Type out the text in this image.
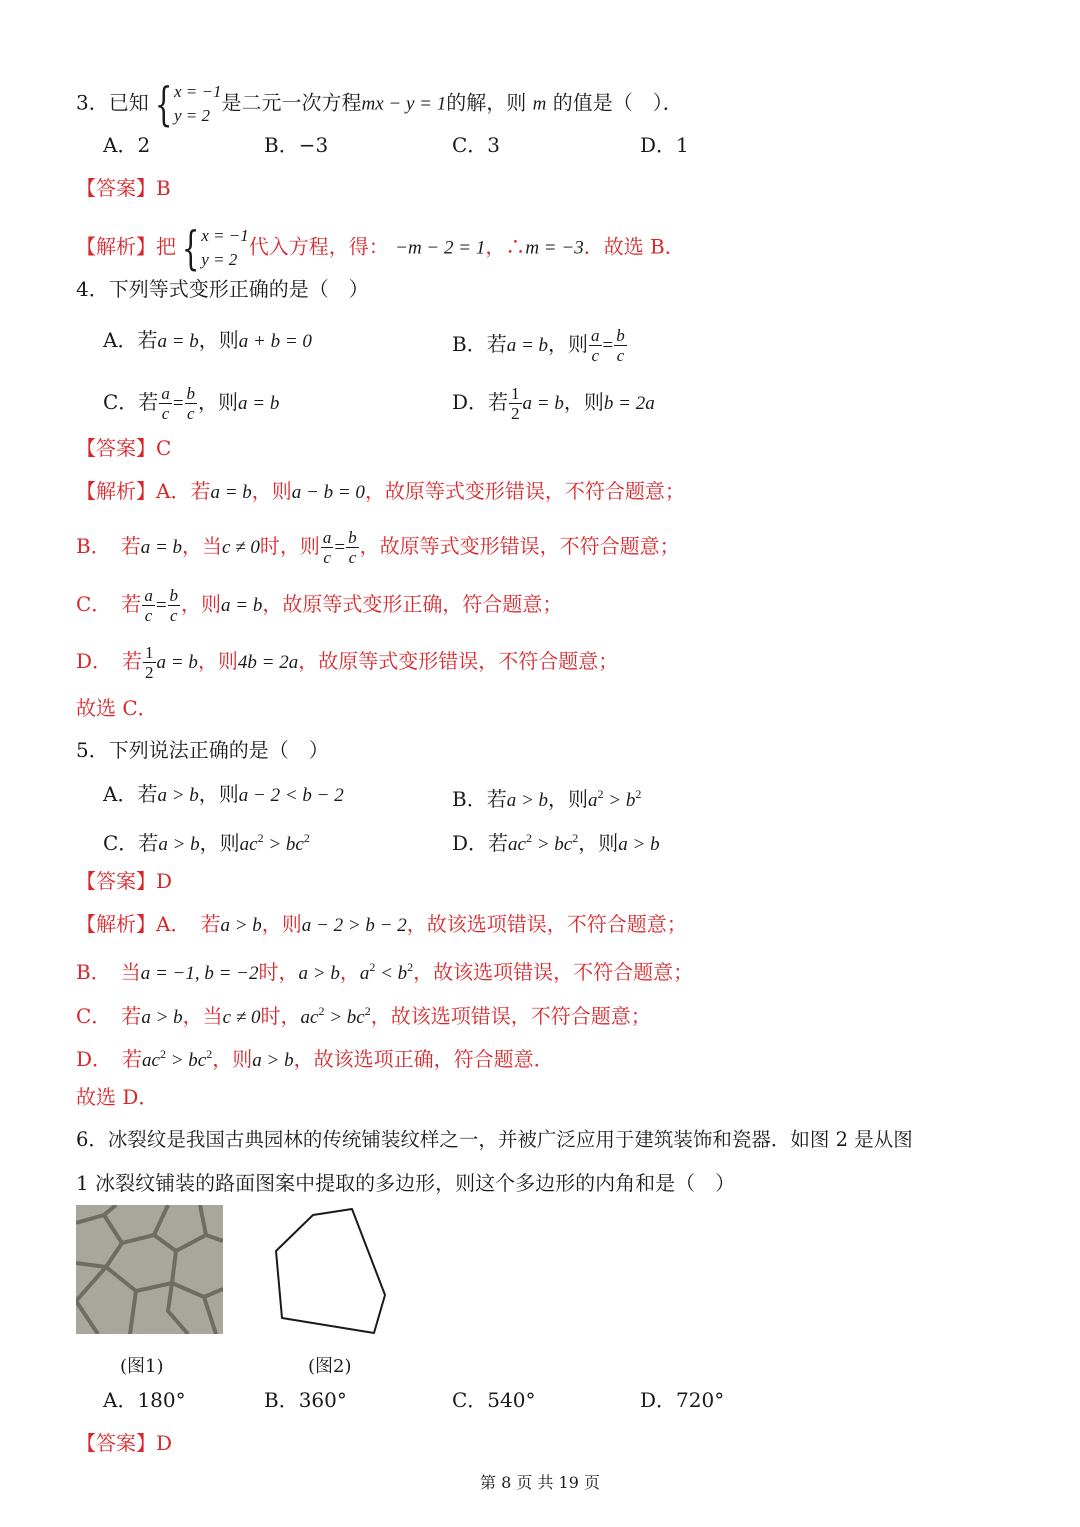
3．已知 { x = −1
y = 2
是二元一次方程mx − y = 1的解，则 m 的值是（　）．
A．2	B．−3	C．3	D．1
【答案】B
【解析】把 { x = −1
y = 2
代入方程，得： −m − 2 = 1，∴m = −3．故选 B．
4．下列等式变形正确的是（　）
A．若a = b，则a + b = 0	B．若a = b，则 $\frac{a}{c} = \frac{b}{c}$
C．若 $\frac{a}{c} = \frac{b}{c}$ ，则a = b	D．若 $\frac{1}{2}$ a = b，则b = 2a
【答案】C
【解析】A．若a = b，则a − b = 0，故原等式变形错误，不符合题意；
B．　若a = b，当c ≠ 0时，则 $\frac{a}{c} = \frac{b}{c}$ ，故原等式变形错误，不符合题意；
C．　若 $\frac{a}{c} = \frac{b}{c}$ ，则a = b，故原等式变形正确，符合题意；
D．　若 $\frac{1}{2}$ a = b，则4b = 2a，故原等式变形错误，不符合题意；
故选 C．
5．下列说法正确的是（　）
A．若a > b，则a − 2 < b − 2	B．若a > b，则$a^2 > b^2$
C．若a > b，则$ac^2 > bc^2$	D．若$ac^2 > bc^2$，则a > b
【答案】D
【解析】A．　若a > b，则a − 2 > b − 2，故该选项错误，不符合题意；
B．　当a = −1, b = −2时，a > b，$a^2 < b^2$，故该选项错误，不符合题意；
C．　若a > b，当c ≠ 0时，$ac^2 > bc^2$，故该选项错误，不符合题意；
D．　若$ac^2 > bc^2$，则a > b，故该选项正确，符合题意．
故选 D．
6．冰裂纹是我国古典园林的传统铺装纹样之一，并被广泛应用于建筑装饰和瓷器．如图 2 是从图
1 冰裂纹铺装的路面图案中提取的多边形，则这个多边形的内角和是（　）
(图1)	(图2)
A．180°	B．360°	C．540°	D．720°
【答案】D
第 8 页 共 19 页
